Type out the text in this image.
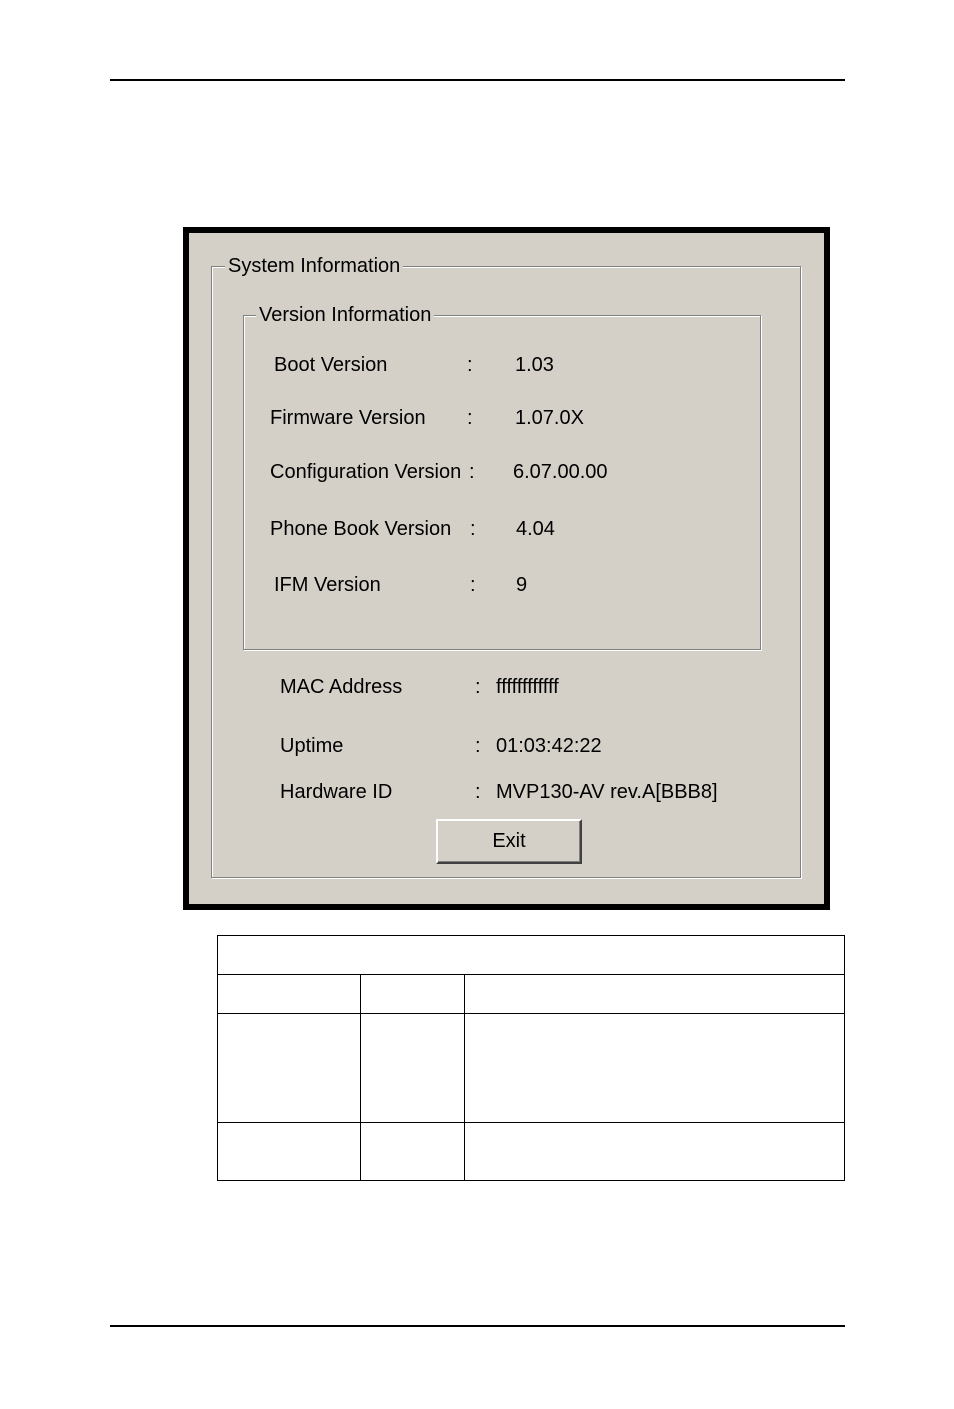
System Information
Version Information
Boot Version	: 1.03
Firmware Version : 1.07.0X
Configuration Version : 6.07.00.00
Phone Book Version : 4.04
IFM Version	: 9
MAC Address	: ffffffffffff
Uptime	: 01:03:42:22
Hardware ID	: MVP130-AV rev.A[BBB8]
Exit
